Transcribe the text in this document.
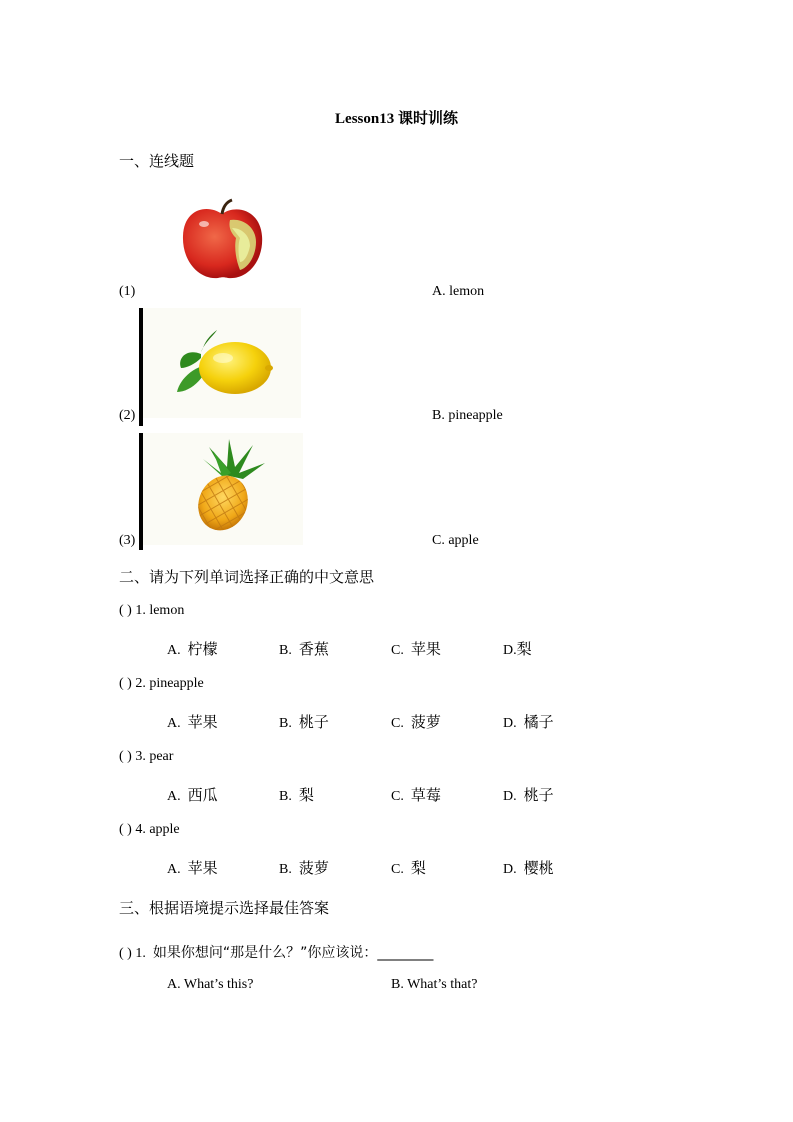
Lesson13 课时训练
一、连线题
(1)	A. lemon
(2)	B. pineapple
(3)	C. apple
二、请为下列单词选择正确的中文意思
( ) 1. lemon
A. 柠檬	B. 香蕉	C. 苹果	D.梨
( ) 2. pineapple
A. 苹果	B. 桃子	C. 菠萝	D. 橘子
( ) 3. pear
A. 西瓜	B. 梨	C. 草莓	D. 桃子
( ) 4. apple
A. 苹果	B. 菠萝	C. 梨	D. 樱桃
三、根据语境提示选择最佳答案
( ) 1. 如果你想问“那是什么？”你应该说：________
A. What’s this?	B. What’s that?
